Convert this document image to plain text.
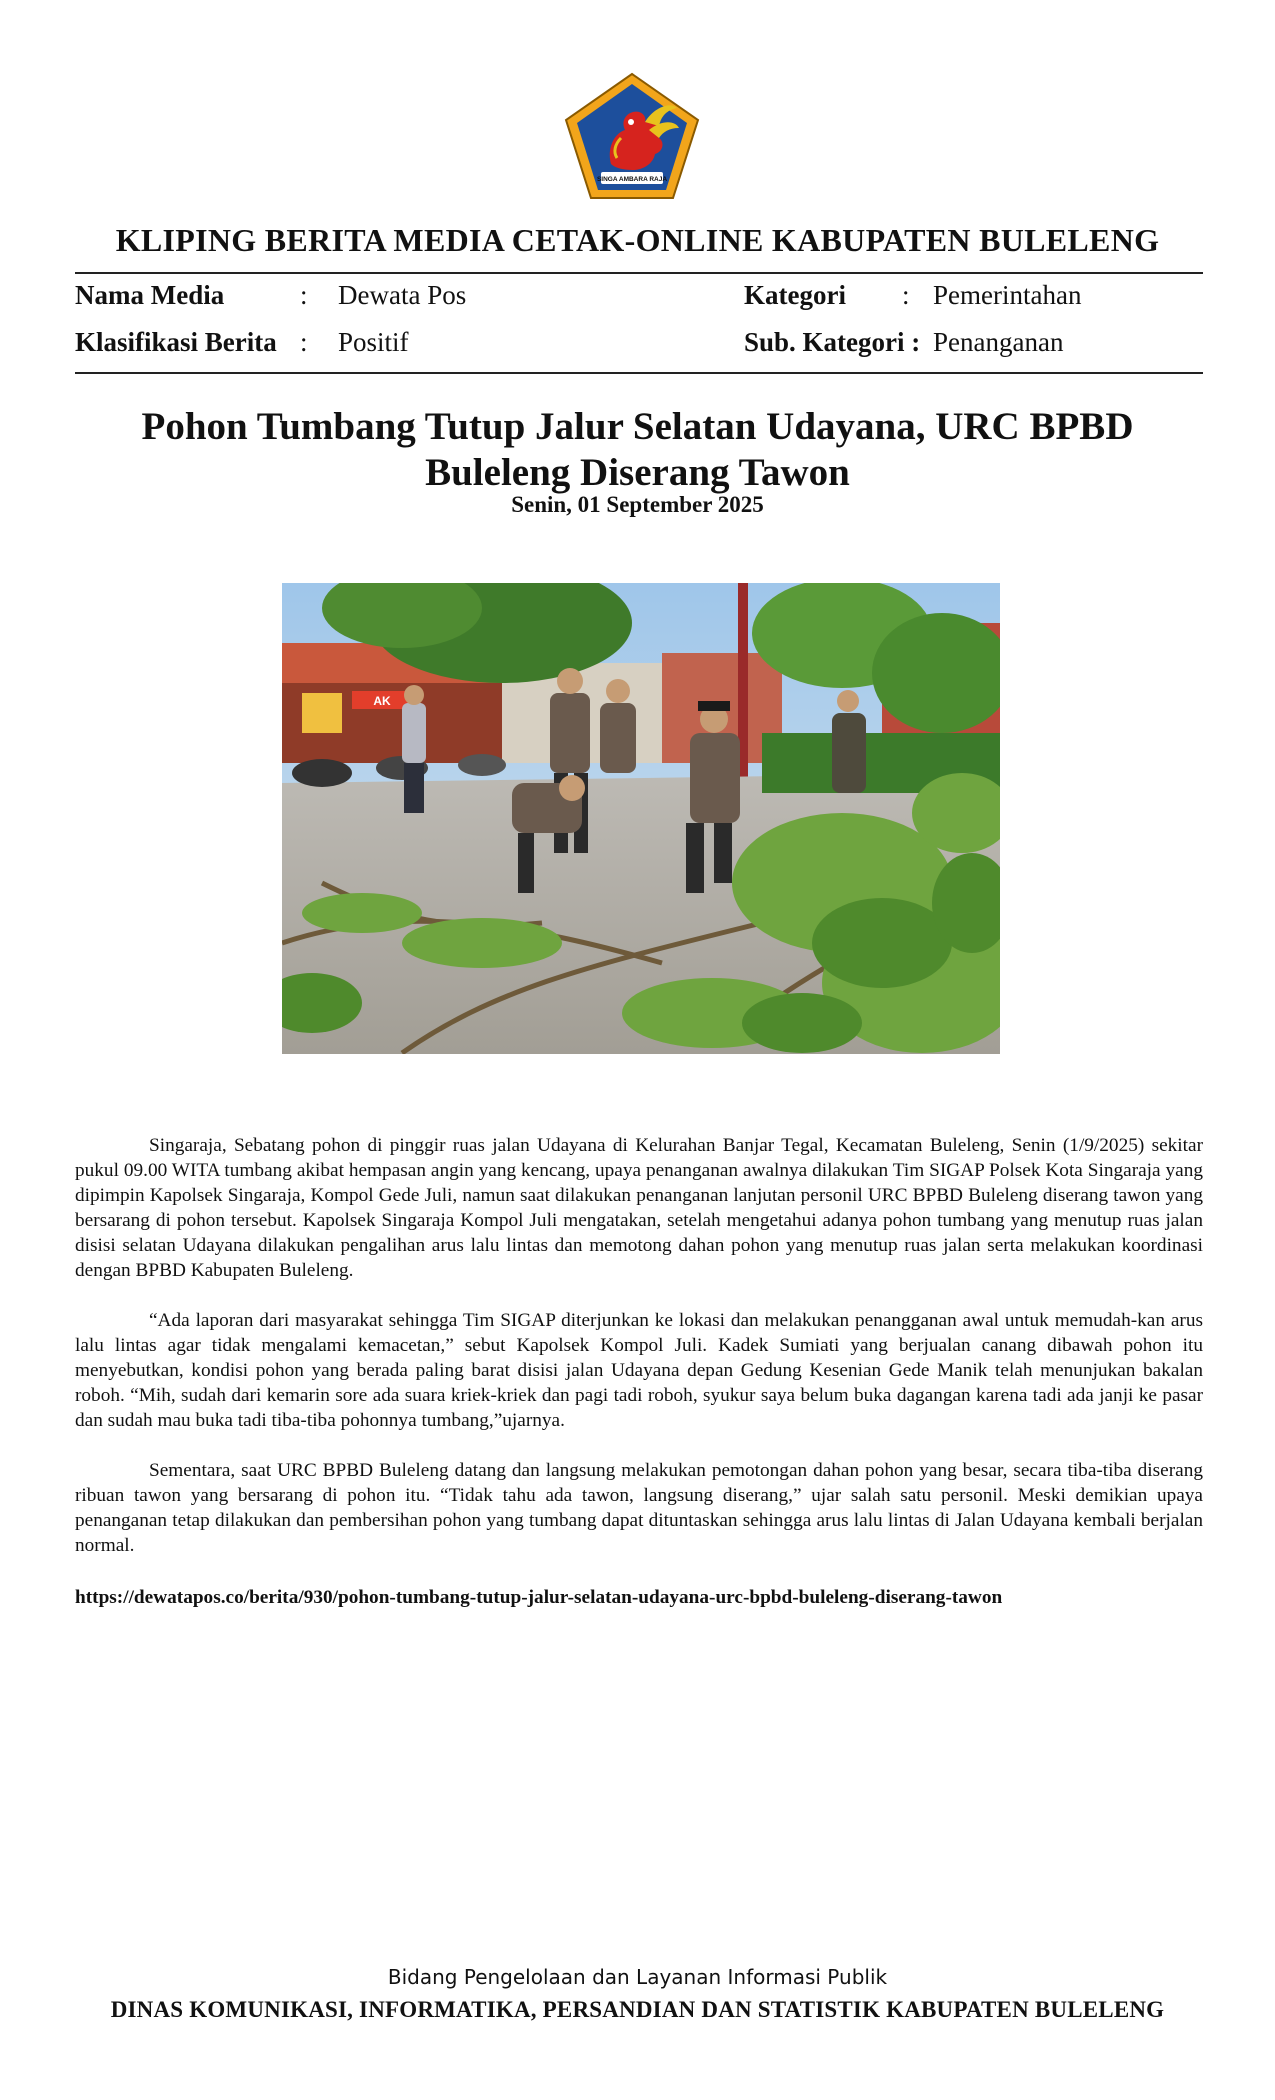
SINGA AMBARA RAJA
KLIPING BERITA MEDIA CETAK-ONLINE KABUPATEN BULELENG
Nama Media	: Dewata Pos	Kategori : Pemerintahan
Klasifikasi Berita : Positif	Sub. Kategori : Penanganan
Pohon Tumbang Tutup Jalur Selatan Udayana, URC BPBD Buleleng Diserang Tawon
Senin, 01 September 2025
AK

Singaraja, Sebatang pohon di pinggir ruas jalan Udayana di Kelurahan Banjar Tegal, Kecamatan Buleleng, Senin (1/9/2025) sekitar pukul 09.00 WITA tumbang akibat hempasan angin yang kencang, upaya penanganan awalnya dilakukan Tim SIGAP Polsek Kota Singaraja yang dipimpin Kapolsek Singaraja, Kompol Gede Juli, namun saat dilakukan penanganan lanjutan personil URC BPBD Buleleng diserang tawon yang bersarang di pohon tersebut. Kapolsek Singaraja Kompol Juli mengatakan, setelah mengetahui adanya pohon tumbang yang menutup ruas jalan disisi selatan Udayana dilakukan pengalihan arus lalu lintas dan memotong dahan pohon yang menutup ruas jalan serta melakukan koordinasi dengan BPBD Kabupaten Buleleng.

“Ada laporan dari masyarakat sehingga Tim SIGAP diterjunkan ke lokasi dan melakukan penangganan awal untuk memudah-kan arus lalu lintas agar tidak mengalami kemacetan,” sebut Kapolsek Kompol Juli. Kadek Sumiati yang berjualan canang dibawah pohon itu menyebutkan, kondisi pohon yang berada paling barat disisi jalan Udayana depan Gedung Kesenian Gede Manik telah menunjukan bakalan roboh. “Mih, sudah dari kemarin sore ada suara kriek-kriek dan pagi tadi roboh, syukur saya belum buka dagangan karena tadi ada janji ke pasar dan sudah mau buka tadi tiba-tiba pohonnya tumbang,”ujarnya.

Sementara, saat URC BPBD Buleleng datang dan langsung melakukan pemotongan dahan pohon yang besar, secara tiba-tiba diserang ribuan tawon yang bersarang di pohon itu. “Tidak tahu ada tawon, langsung diserang,” ujar salah satu personil. Meski demikian upaya penanganan tetap dilakukan dan pembersihan pohon yang tumbang dapat dituntaskan sehingga arus lalu lintas di Jalan Udayana kembali berjalan normal.

https://dewatapos.co/berita/930/pohon-tumbang-tutup-jalur-selatan-udayana-urc-bpbd-buleleng-diserang-tawon
Bidang Pengelolaan dan Layanan Informasi Publik
DINAS KOMUNIKASI, INFORMATIKA, PERSANDIAN DAN STATISTIK KABUPATEN BULELENG
